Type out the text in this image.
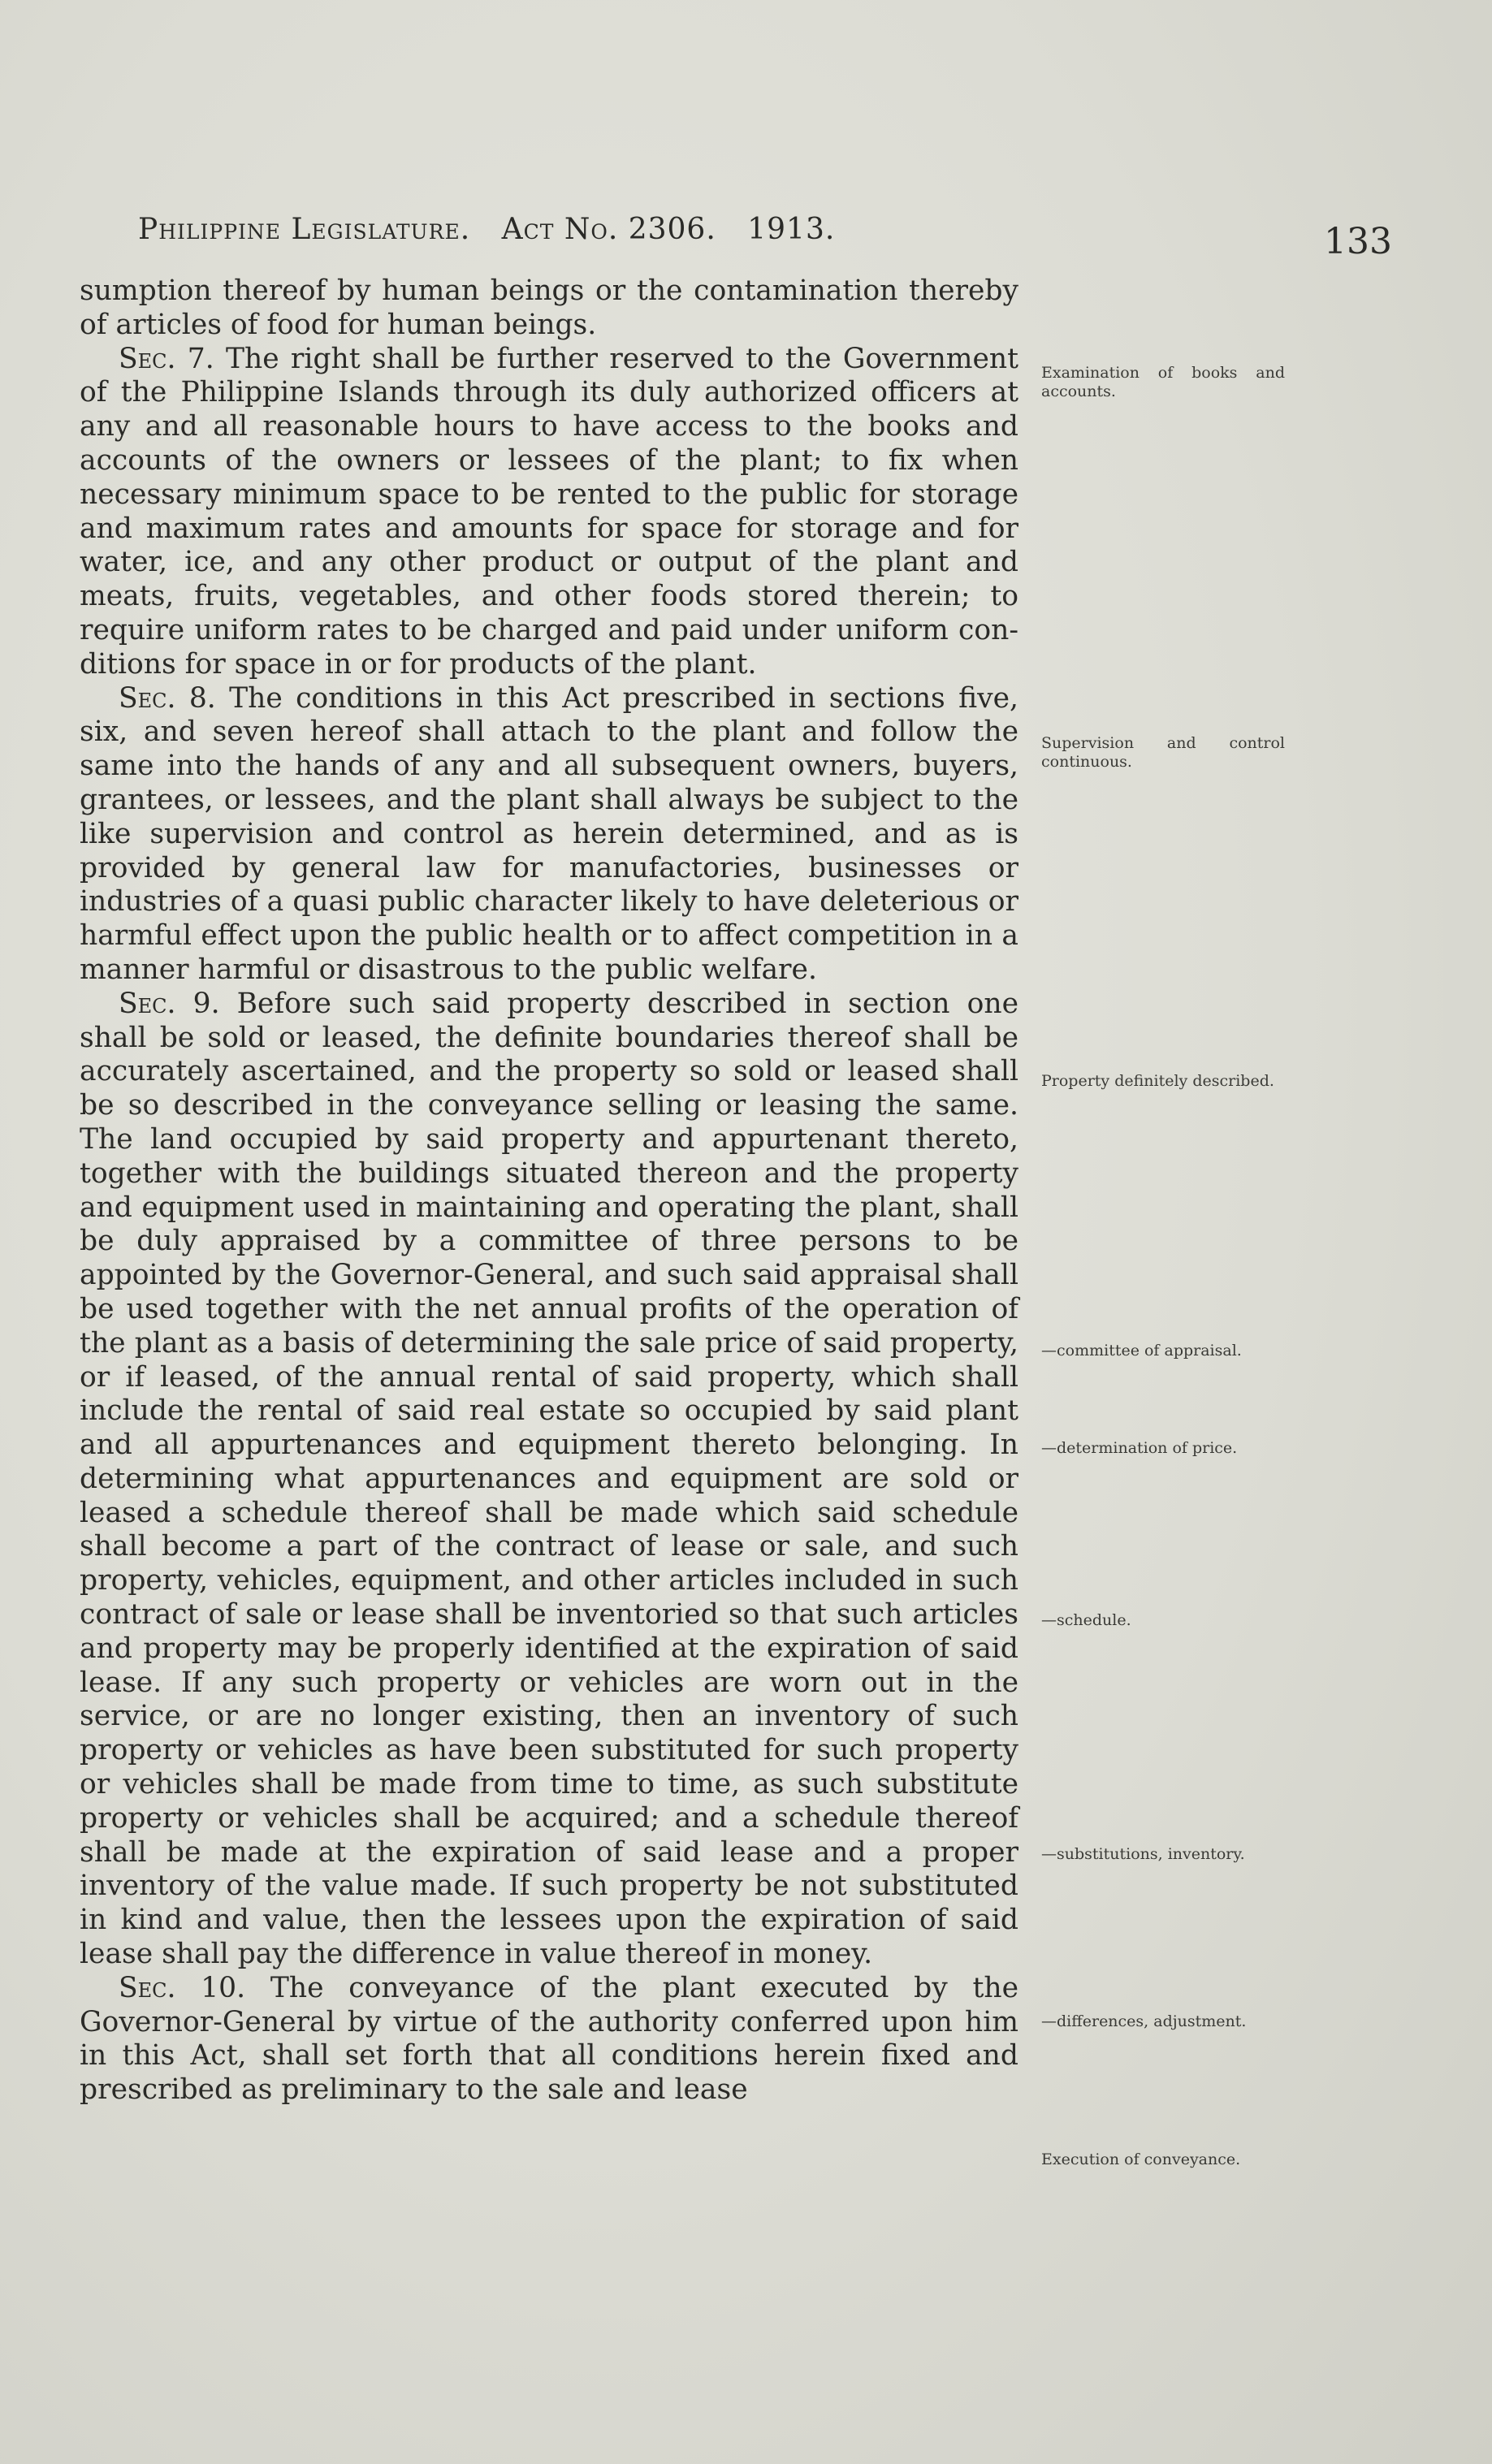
Philippine Legislature. Act No. 2306. 1913.	133

sumption thereof by human beings or the contamination thereby of articles of food for human beings.

Sec. 7. The right shall be further reserved to the Government of the Philippine Islands through its duly authorized officers at any and all reasonable hours to have access to the books and accounts of the owners or lessees of the plant; to fix when necessary minimum space to be rented to the public for storage and maximum rates and amounts for space for storage and for water, ice, and any other product or output of the plant and meats, fruits, vegetables, and other foods stored therein; to require uniform rates to be charged and paid under uniform conditions for space in or for products of the plant.

Sec. 8. The conditions in this Act prescribed in sections five, six, and seven hereof shall attach to the plant and follow the same into the hands of any and all subsequent owners, buyers, grantees, or lessees, and the plant shall always be subject to the like supervision and control as herein determined, and as is provided by general law for manufactories, businesses or industries of a quasi public character likely to have deleterious or harmful effect upon the public health or to affect competition in a manner harmful or disastrous to the public welfare.

Sec. 9. Before such said property described in section one shall be sold or leased, the definite boundaries thereof shall be accurately ascertained, and the property so sold or leased shall be so described in the conveyance selling or leasing the same. The land occupied by said property and appurtenant thereto, together with the buildings situated thereon and the property and equipment used in maintaining and operating the plant, shall be duly appraised by a committee of three persons to be appointed by the Governor-General, and such said appraisal shall be used together with the net annual profits of the operation of the plant as a basis of determining the sale price of said property, or if leased, of the annual rental of said property, which shall include the rental of said real estate so occupied by said plant and all appurtenances and equipment thereto belonging. In determining what appurtenances and equipment are sold or leased a schedule thereof shall be made which said schedule shall become a part of the contract of lease or sale, and such property, vehicles, equipment, and other articles included in such contract of sale or lease shall be inventoried so that such articles and property may be properly identified at the expiration of said lease. If any such property or vehicles are worn out in the service, or are no longer existing, then an inventory of such property or vehicles as have been substituted for such property or vehicles shall be made from time to time, as such substitute property or vehicles shall be acquired; and a schedule thereof shall be made at the expiration of said lease and a proper inventory of the value made. If such property be not substituted in kind and value, then the lessees upon the expiration of said lease shall pay the difference in value thereof in money.

Sec. 10. The conveyance of the plant executed by the Governor-General by virtue of the authority conferred upon him in this Act, shall set forth that all conditions herein fixed and prescribed as preliminary to the sale and lease

Examination of books and accounts.
Supervision and control continuous.
Property definitely described.
—committee of appraisal.
—determination of price.
—schedule.
—substitutions, inventory.
—differences, adjustment.
Execution of conveyance.
